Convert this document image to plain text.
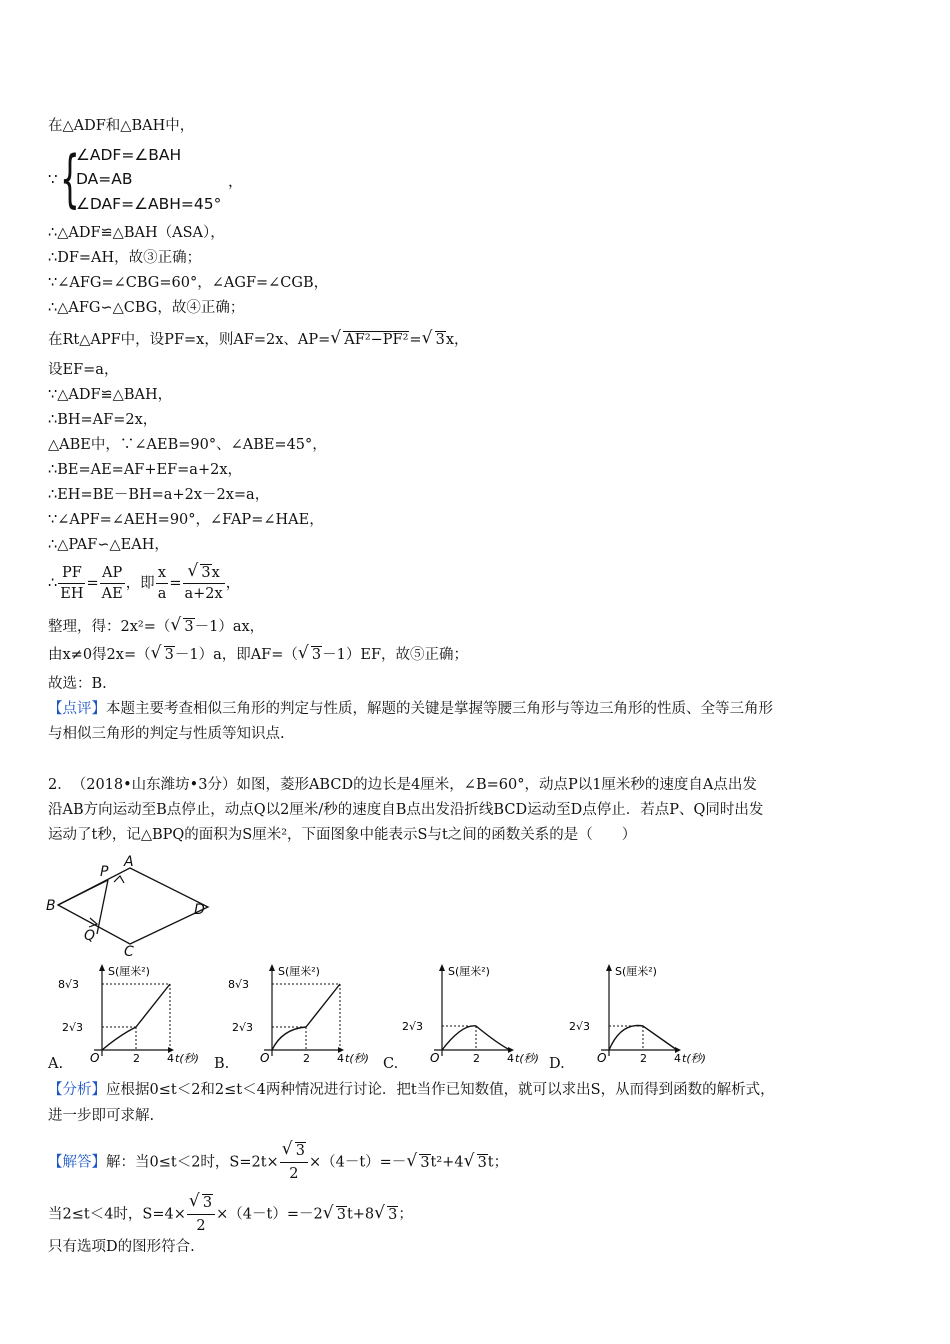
在△ADF和△BAH中，
∵ {
∠ADF=∠BAH
DA=AB
∠DAF=∠ABH=45°
，
∴△ADF≌△BAH（ASA），
∴DF=AH，故③正确；
∵∠AFG=∠CBG=60°，∠AGF=∠CGB，
∴△AFG∽△CBG，故④正确；
在Rt△APF中，设PF=x，则AF=2x、AP= √ AF²−PF²= √ 3x，
设EF=a，
∵△ADF≌△BAH，
∴BH=AF=2x，
△ABE中，∵∠AEB=90°、∠ABE=45°，
∴BE=AE=AF+EF=a+2x，
∴EH=BE－BH=a+2x－2x=a，
∵∠APF=∠AEH=90°，∠FAP=∠HAE，
∴△PAF∽△EAH，
∴ $\frac{PF}{EH} = \frac{AP}{AE}$ ，即 $\frac{x}{a} = \frac{√ 3x}{a+2x}$ ，
整理，得：2x²=（ √ 3－1）ax，
由x≠0得2x=（ √ 3－1）a，即AF=（ √ 3－1）EF，故⑤正确；
故选：B.
【点评】本题主要考查相似三角形的判定与性质，解题的关键是掌握等腰三角形与等边三角形的性质、全等三角形
与相似三角形的判定与性质等知识点.
2．　（2018•山东潍坊•3分）如图，菱形ABCD的边长是4厘米，∠B=60°，动点P以1厘米秒的速度自A点出发
沿AB方向运动至B点停止，动点Q以2厘米/秒的速度自B点出发沿折线BCD运动至D点停止．若点P、Q同时出发
运动了t秒，记△BPQ的面积为S厘米²，下面图象中能表示S与t之间的函数关系的是（　　）
A
B
C
D
P
Q
8√3
2√3
S(厘米²)
O	2 4 t(秒)
8√3
2√3
S(厘米²)
O	2 4 t(秒)
2√3
S(厘米²)
O	2 4 t(秒)
2√3
S(厘米²)
O	2 4 t(秒)
A.	B.	C.	D.
【分析】应根据0≤t＜2和2≤t＜4两种情况进行讨论．把t当作已知数值，就可以求出S，从而得到函数的解析式，
进一步即可求解.
【解答】解：当0≤t＜2时，$S=2t\times \frac{√ 3}{2} \times(4-t)=-$ √ 3t²+4 √ 3t；
当2≤t＜4时，$S=4\times \frac{√ 3}{2} \times(4-t)=-2$ √ 3t+8 √ 3；
只有选项D的图形符合.
